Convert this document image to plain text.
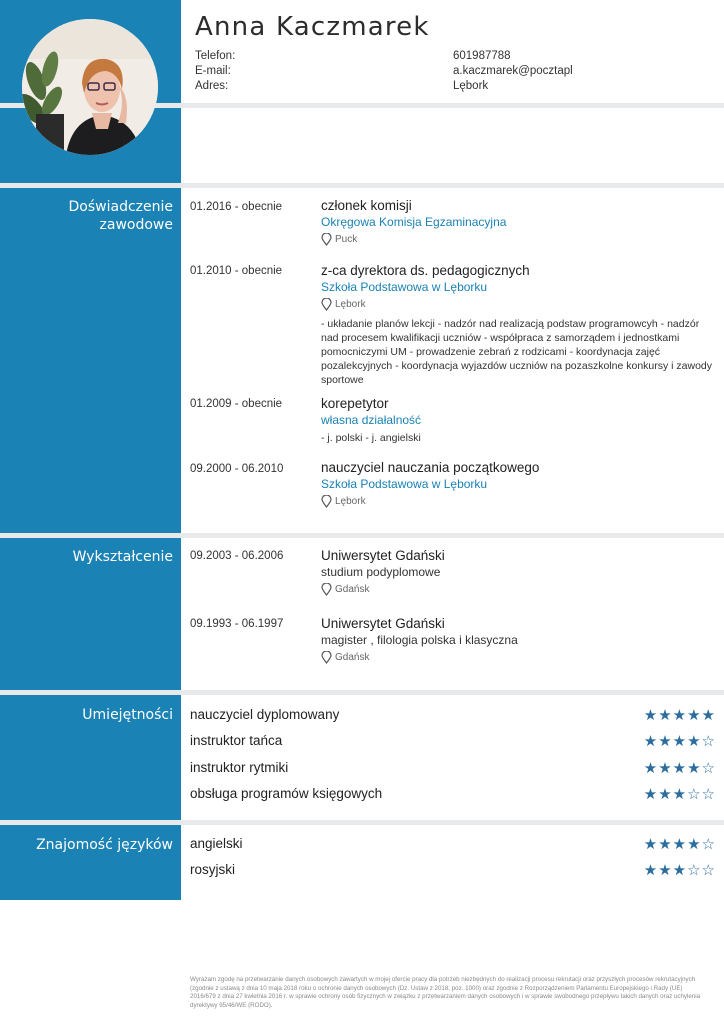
Anna Kaczmarek
Telefon:	601987788
E-mail:	a.kaczmarek@pocztapl
Adres:	Lębork
Doświadczenie zawodowe
01.2016 - obecnie	członek komisji
Okręgowa Komisja Egzaminacyjna
Puck
01.2010 - obecnie	z-ca dyrektora ds. pedagogicznych
Szkoła Podstawowa w Lęborku
Lębork
- układanie planów lekcji - nadzór nad realizacją podstaw programowcyh - nadzór nad procesem kwalifikacji uczniów - współpraca z samorządem i jednostkami pomocniczymi UM - prowadzenie zebrań z rodzicami - koordynacja zajęć pozalekcyjnych - koordynacja wyjazdów uczniów na pozaszkolne konkursy i zawody sportowe
01.2009 - obecnie	korepetytor
własna działalność
- j. polski - j. angielski
09.2000 - 06.2010	nauczyciel nauczania początkowego
Szkoła Podstawowa w Lęborku
Lębork
Wykształcenie 09.2003 - 06.2006	Uniwersytet Gdański
studium podyplomowe
Gdańsk
09.1993 - 06.1997	Uniwersytet Gdański
magister , filologia polska i klasyczna
Gdańsk
Umiejętności nauczyciel dyplomowany	★★★★★
instruktor tańca	★★★★☆
instruktor rytmiki	★★★★☆
obsługa programów księgowych	★★★☆☆
Znajomość języków angielski	★★★★☆
rosyjski	★★★☆☆
Wyrażam zgodę na przetwarzanie danych osobowych zawartych w mojej ofercie pracy dla potrzeb niezbędnych do realizacji procesu rekrutacji oraz przyszłych procesów rekrutacyjnych (zgodnie z ustawą z dnia 10 maja 2018 roku o ochronie danych osobowych (Dz. Ustaw z 2018, poz. 1000) oraz zgodnie z Rozporządzeniem Parlamentu Europejskiego i Rady (UE) 2016/679 z dnia 27 kwietnia 2016 r. w sprawie ochrony osób fizycznych w związku z przetwarzaniem danych osobowych i w sprawie swobodnego przepływu takich danych oraz uchylenia dyrektywy 95/46/WE (RODO).
